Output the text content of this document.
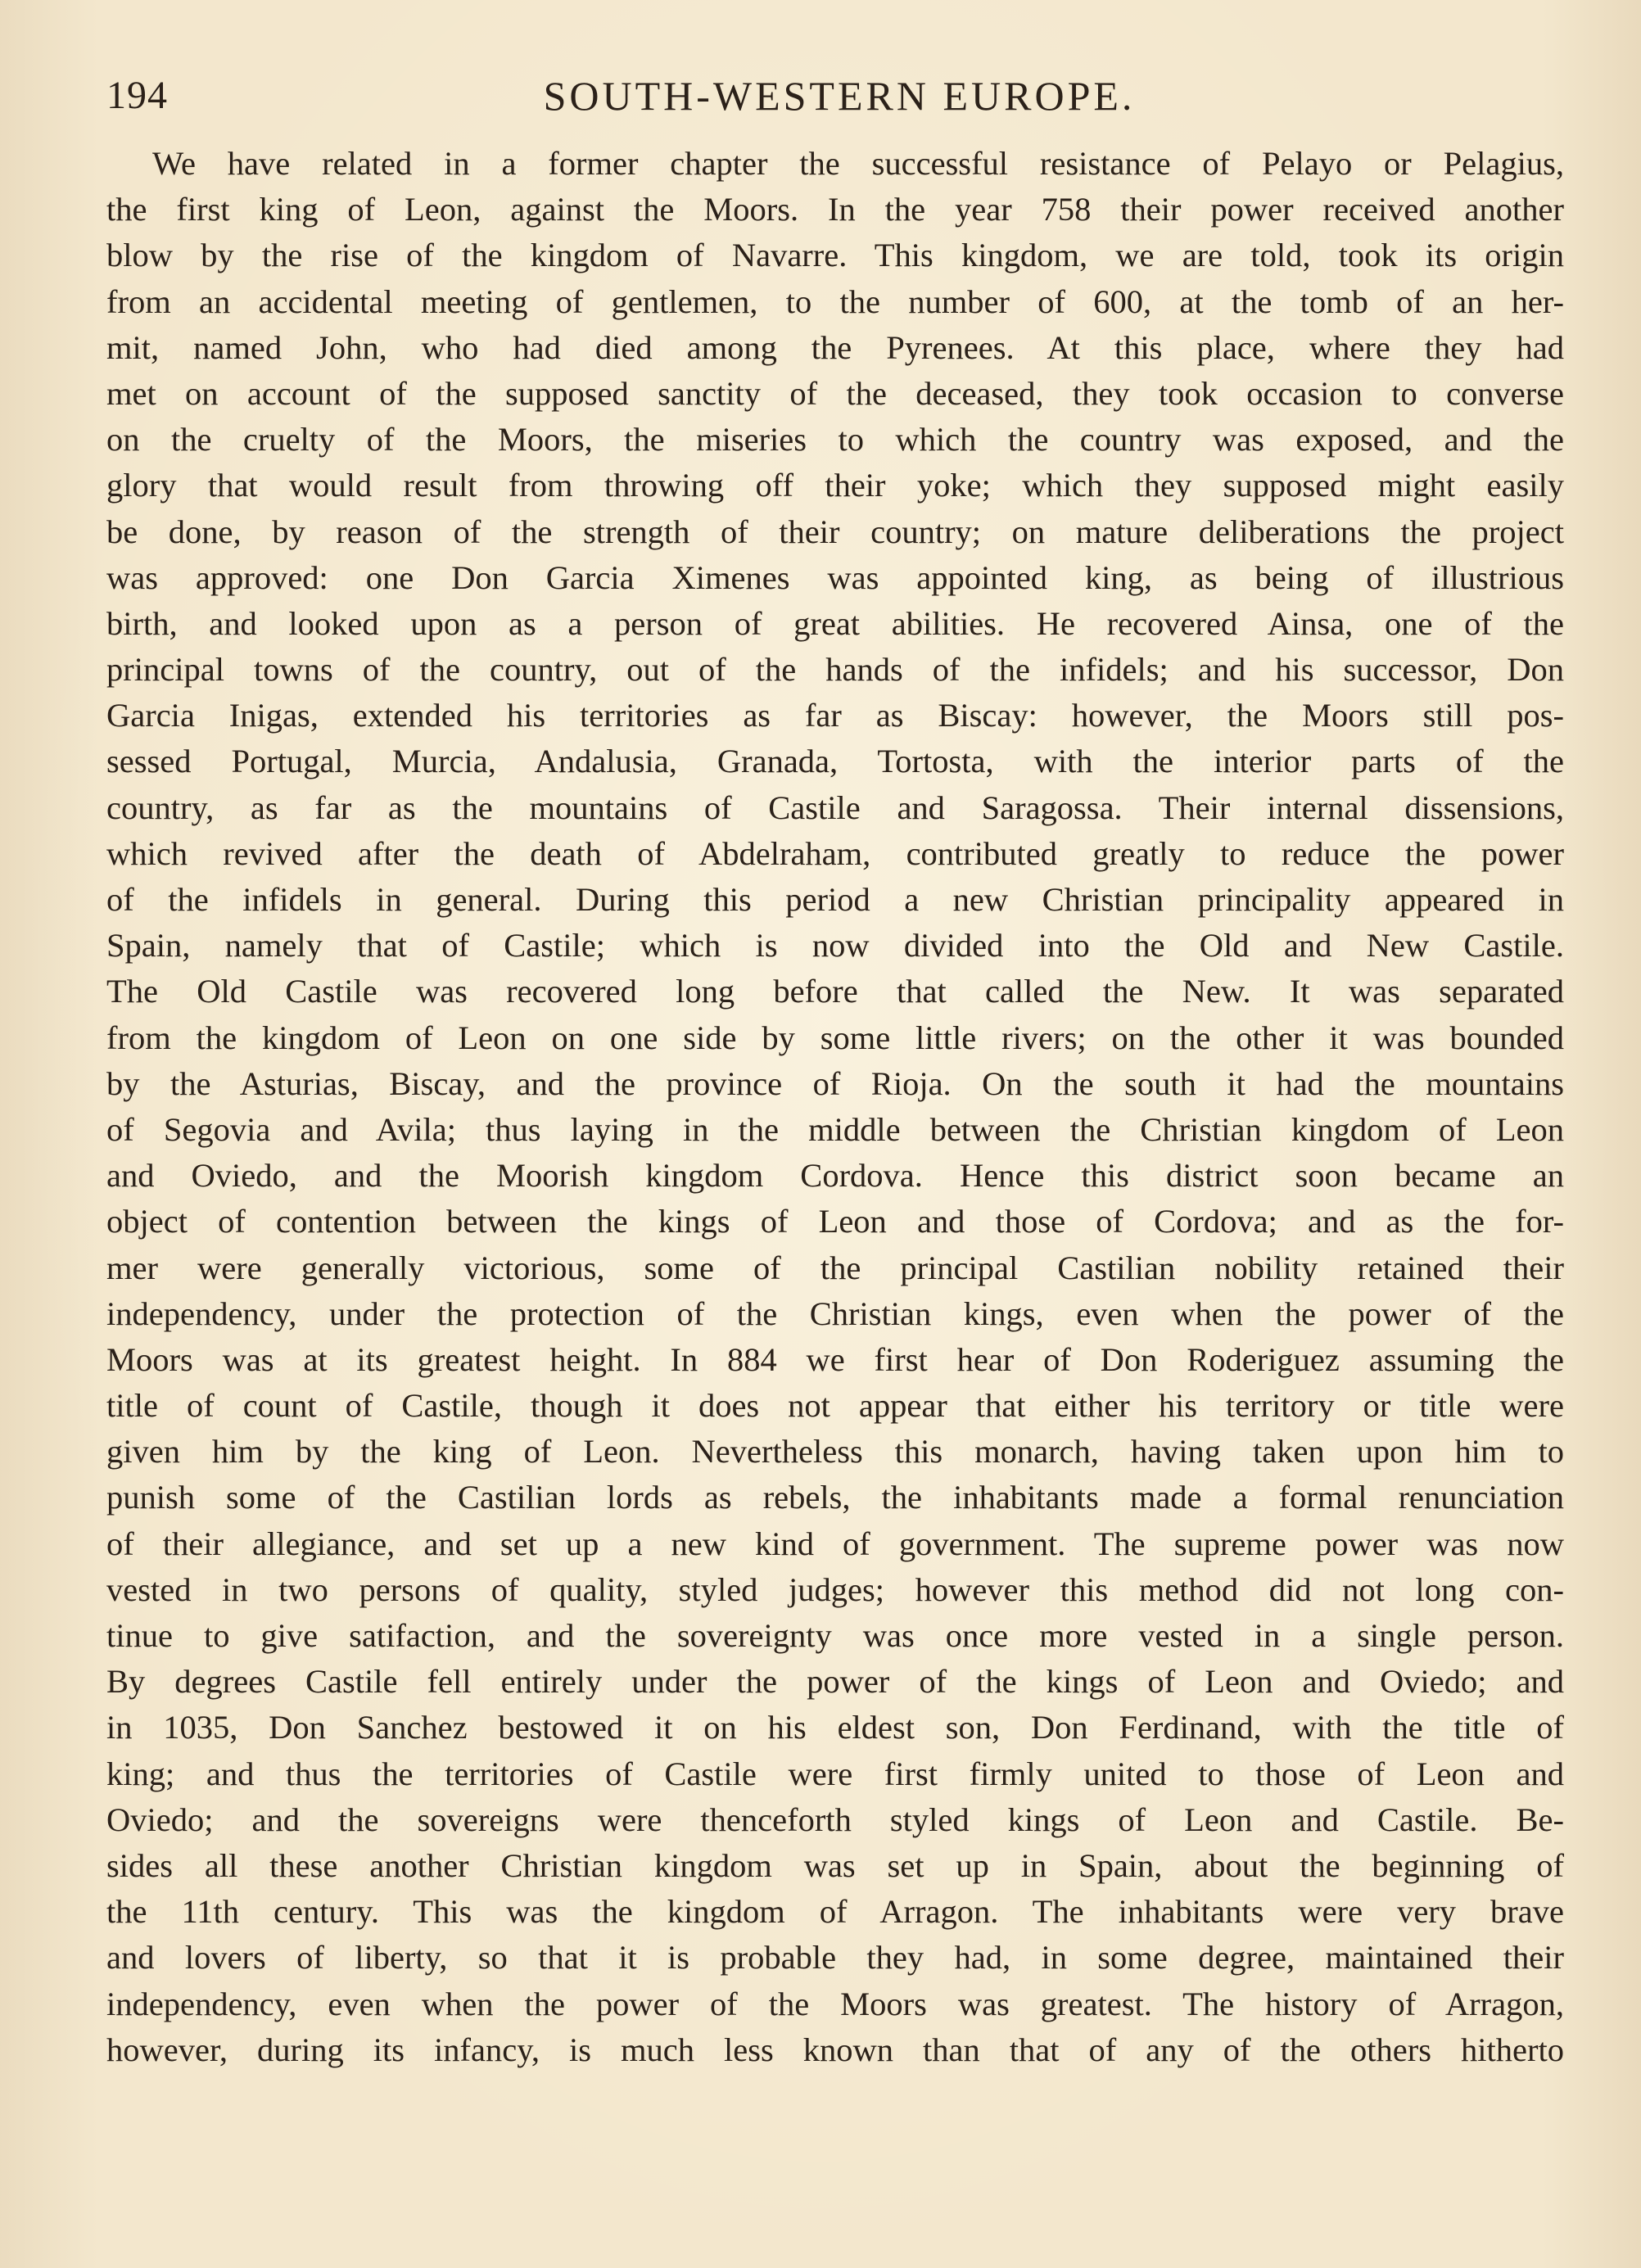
194	SOUTH-WESTERN EUROPE.
We have related in a former chapter the successful resistance of Pelayo or Pelagius,
the first king of Leon, against the Moors. In the year 758 their power received another
blow by the rise of the kingdom of Navarre. This kingdom, we are told, took its origin
from an accidental meeting of gentlemen, to the number of 600, at the tomb of an her-
mit, named John, who had died among the Pyrenees. At this place, where they had
met on account of the supposed sanctity of the deceased, they took occasion to converse
on the cruelty of the Moors, the miseries to which the country was exposed, and the
glory that would result from throwing off their yoke; which they supposed might easily
be done, by reason of the strength of their country; on mature deliberations the project
was approved: one Don Garcia Ximenes was appointed king, as being of illustrious
birth, and looked upon as a person of great abilities. He recovered Ainsa, one of the
principal towns of the country, out of the hands of the infidels; and his successor, Don
Garcia Inigas, extended his territories as far as Biscay: however, the Moors still pos-
sessed Portugal, Murcia, Andalusia, Granada, Tortosta, with the interior parts of the
country, as far as the mountains of Castile and Saragossa. Their internal dissensions,
which revived after the death of Abdelraham, contributed greatly to reduce the power
of the infidels in general. During this period a new Christian principality appeared in
Spain, namely that of Castile; which is now divided into the Old and New Castile.
The Old Castile was recovered long before that called the New. It was separated
from the kingdom of Leon on one side by some little rivers; on the other it was bounded
by the Asturias, Biscay, and the province of Rioja. On the south it had the mountains
of Segovia and Avila; thus laying in the middle between the Christian kingdom of Leon
and Oviedo, and the Moorish kingdom Cordova. Hence this district soon became an
object of contention between the kings of Leon and those of Cordova; and as the for-
mer were generally victorious, some of the principal Castilian nobility retained their
independency, under the protection of the Christian kings, even when the power of the
Moors was at its greatest height. In 884 we first hear of Don Roderiguez assuming the
title of count of Castile, though it does not appear that either his territory or title were
given him by the king of Leon. Nevertheless this monarch, having taken upon him to
punish some of the Castilian lords as rebels, the inhabitants made a formal renunciation
of their allegiance, and set up a new kind of government. The supreme power was now
vested in two persons of quality, styled judges; however this method did not long con-
tinue to give satifaction, and the sovereignty was once more vested in a single person.
By degrees Castile fell entirely under the power of the kings of Leon and Oviedo; and
in 1035, Don Sanchez bestowed it on his eldest son, Don Ferdinand, with the title of
king; and thus the territories of Castile were first firmly united to those of Leon and
Oviedo; and the sovereigns were thenceforth styled kings of Leon and Castile. Be-
sides all these another Christian kingdom was set up in Spain, about the beginning of
the 11th century. This was the kingdom of Arragon. The inhabitants were very brave
and lovers of liberty, so that it is probable they had, in some degree, maintained their
independency, even when the power of the Moors was greatest. The history of Arragon,
however, during its infancy, is much less known than that of any of the others hitherto
